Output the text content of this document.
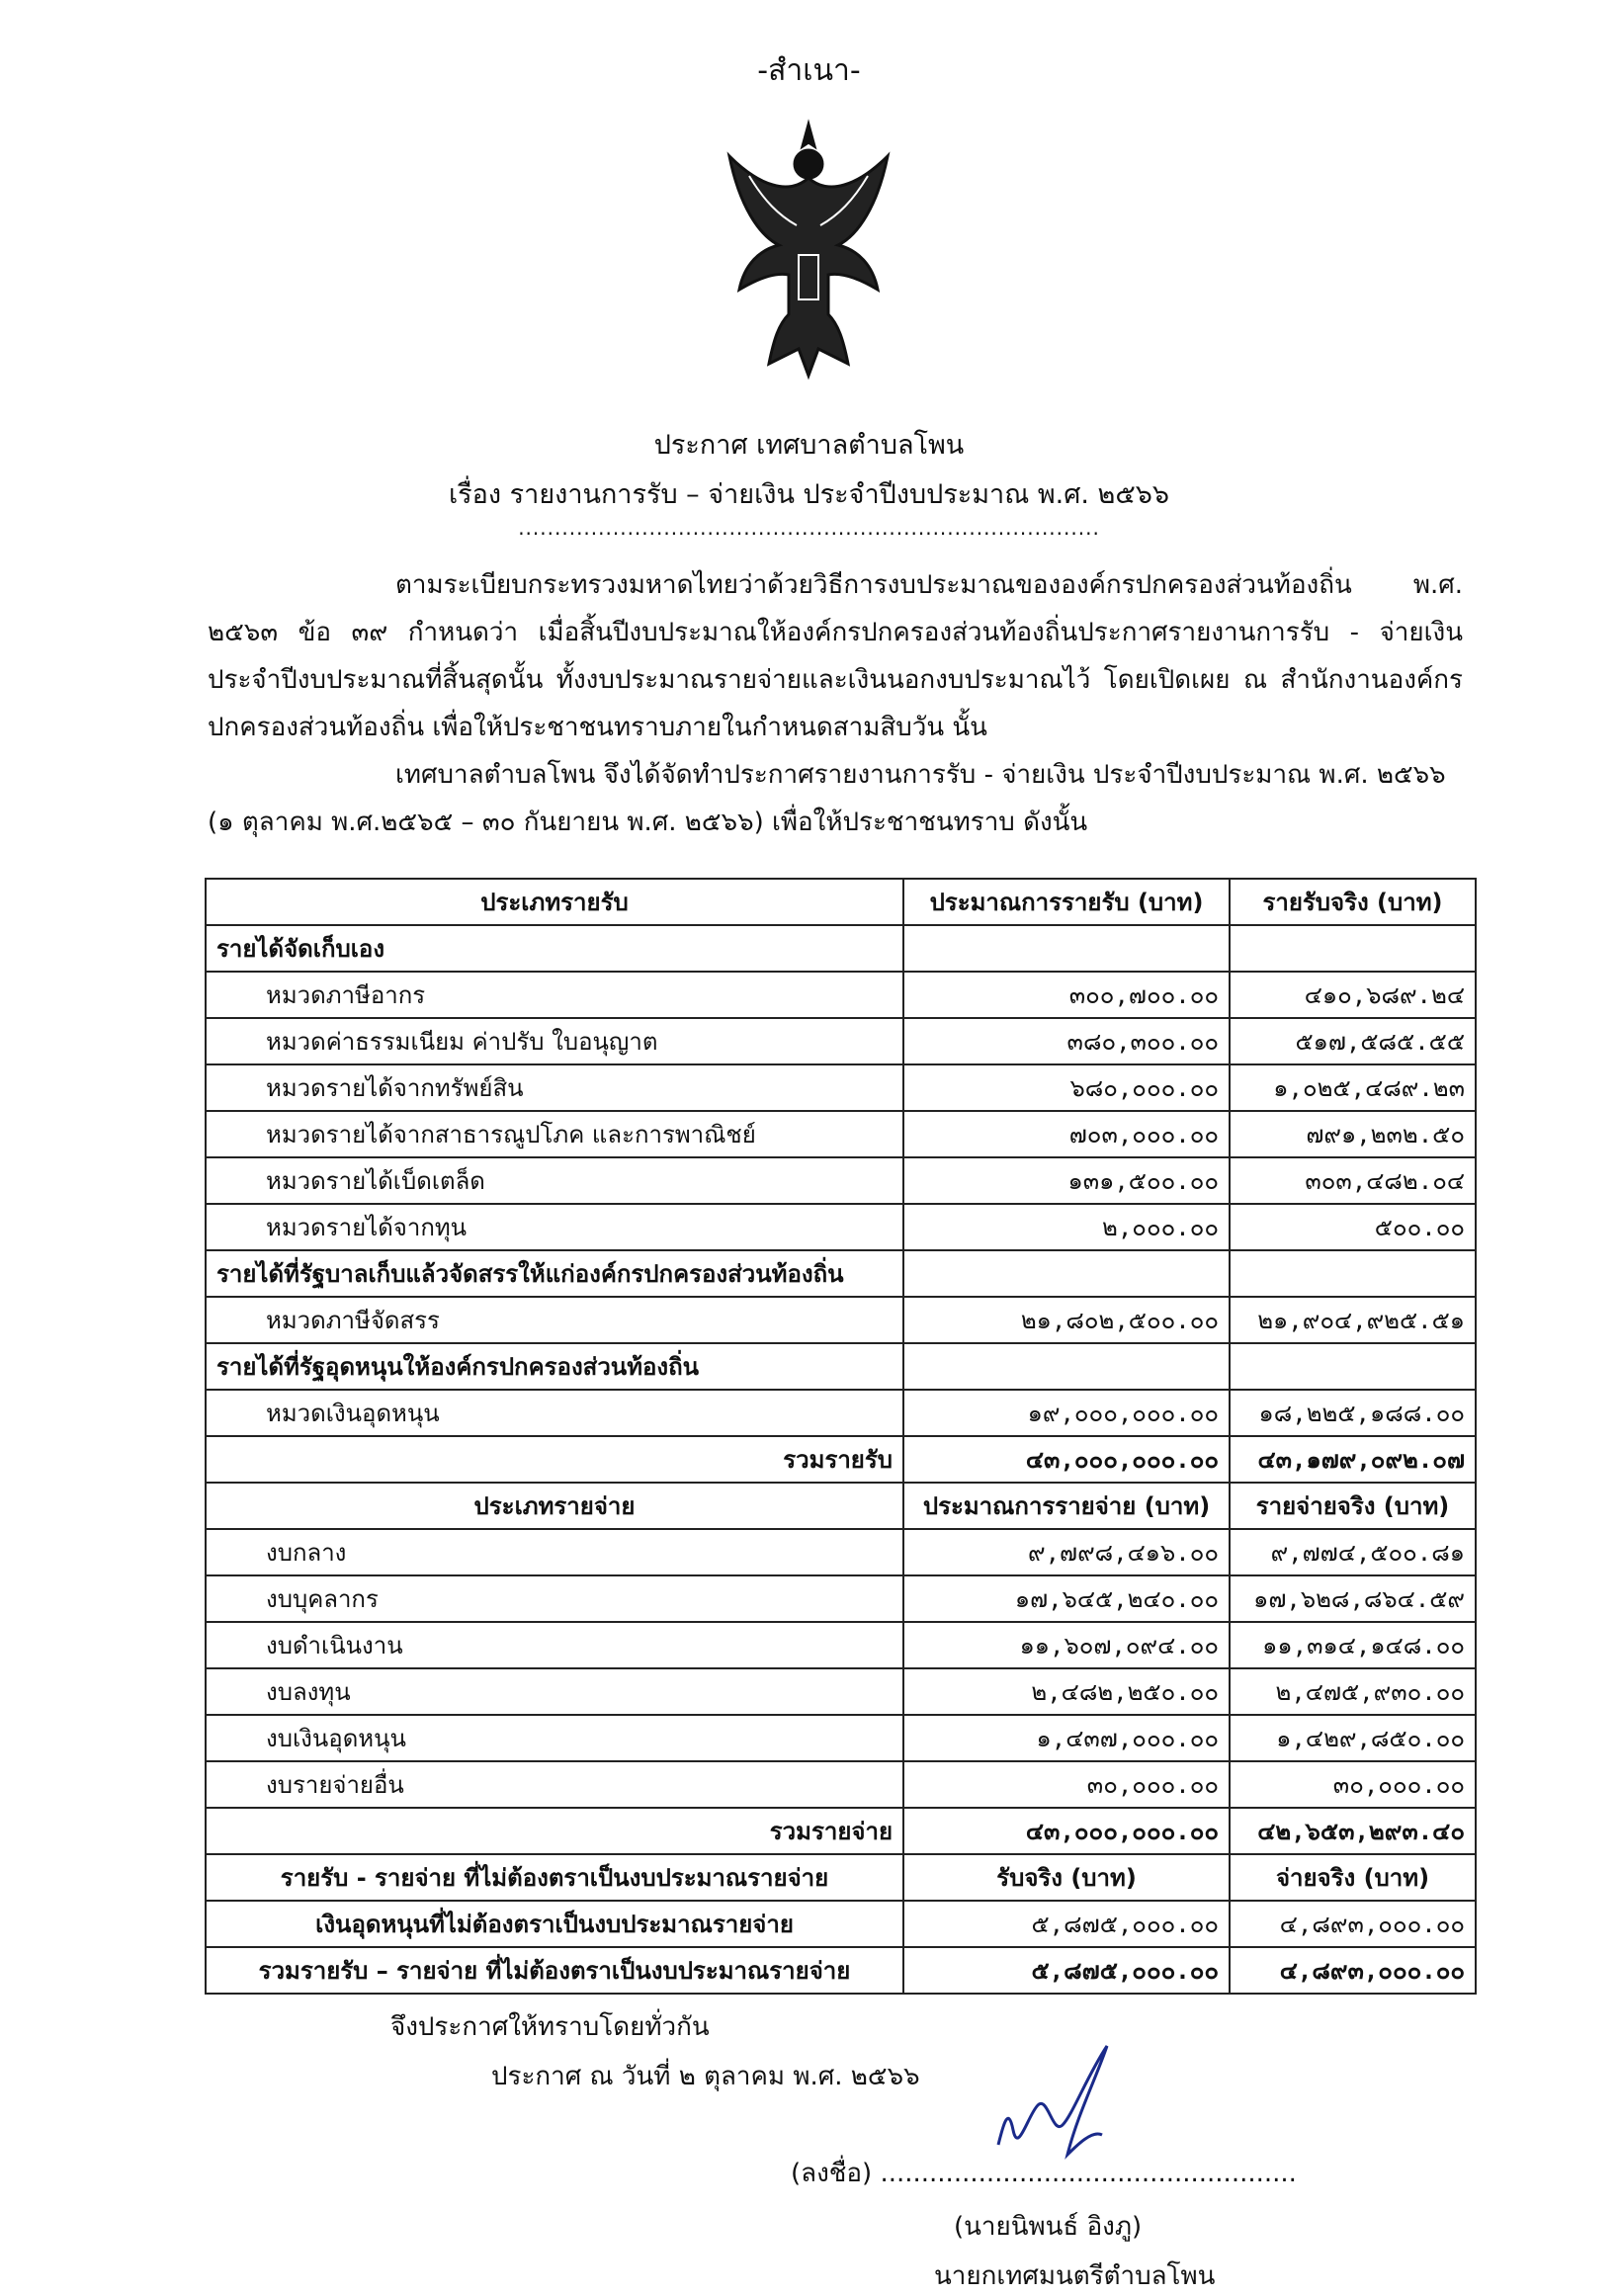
-สำเนา-
ประกาศ เทศบาลตำบลโพน
เรื่อง รายงานการรับ – จ่ายเงิน ประจำปีงบประมาณ พ.ศ. ๒๕๖๖
................................................................................
ตามระเบียบกระทรวงมหาดไทยว่าด้วยวิธีการงบประมาณขององค์กรปกครองส่วนท้องถิ่น พ.ศ. ๒๕๖๓ ข้อ ๓๙ กำหนดว่า เมื่อสิ้นปีงบประมาณให้องค์กรปกครองส่วนท้องถิ่นประกาศรายงานการรับ - จ่ายเงิน ประจำปีงบประมาณที่สิ้นสุดนั้น ทั้งงบประมาณรายจ่ายและเงินนอกงบประมาณไว้ โดยเปิดเผย ณ สำนักงานองค์กรปกครองส่วนท้องถิ่น เพื่อให้ประชาชนทราบภายในกำหนดสามสิบวัน นั้น
เทศบาลตำบลโพน จึงได้จัดทำประกาศรายงานการรับ - จ่ายเงิน ประจำปีงบประมาณ พ.ศ. ๒๕๖๖ (๑ ตุลาคม พ.ศ.๒๕๖๕ – ๓๐ กันยายน พ.ศ. ๒๕๖๖) เพื่อให้ประชาชนทราบ ดังนั้น
ประเภทรายรับ	ประมาณการรายรับ (บาท)	รายรับจริง (บาท)
รายได้จัดเก็บเอง		
หมวดภาษีอากร	๓๐๐,๗๐๐.๐๐	๔๑๐,๖๘๙.๒๔
หมวดค่าธรรมเนียม ค่าปรับ ใบอนุญาต	๓๘๐,๓๐๐.๐๐	๕๑๗,๕๘๕.๕๕
หมวดรายได้จากทรัพย์สิน	๖๘๐,๐๐๐.๐๐	๑,๐๒๕,๔๘๙.๒๓
หมวดรายได้จากสาธารณูปโภค และการพาณิชย์	๗๐๓,๐๐๐.๐๐	๗๙๑,๒๓๒.๕๐
หมวดรายได้เบ็ดเตล็ด	๑๓๑,๕๐๐.๐๐	๓๐๓,๔๘๒.๐๔
หมวดรายได้จากทุน	๒,๐๐๐.๐๐	๕๐๐.๐๐
รายได้ที่รัฐบาลเก็บแล้วจัดสรรให้แก่องค์กรปกครองส่วนท้องถิ่น		
หมวดภาษีจัดสรร	๒๑,๘๐๒,๕๐๐.๐๐	๒๑,๙๐๔,๙๒๕.๕๑
รายได้ที่รัฐอุดหนุนให้องค์กรปกครองส่วนท้องถิ่น		
หมวดเงินอุดหนุน	๑๙,๐๐๐,๐๐๐.๐๐	๑๘,๒๒๕,๑๘๘.๐๐
รวมรายรับ	๔๓,๐๐๐,๐๐๐.๐๐	๔๓,๑๗๙,๐๙๒.๐๗
ประเภทรายจ่าย	ประมาณการรายจ่าย (บาท)	รายจ่ายจริง (บาท)
งบกลาง	๙,๗๙๘,๔๑๖.๐๐	๙,๗๗๔,๕๐๐.๘๑
งบบุคลากร	๑๗,๖๔๕,๒๔๐.๐๐	๑๗,๖๒๘,๘๖๔.๕๙
งบดำเนินงาน	๑๑,๖๐๗,๐๙๔.๐๐	๑๑,๓๑๔,๑๔๘.๐๐
งบลงทุน	๒,๔๘๒,๒๕๐.๐๐	๒,๔๗๕,๙๓๐.๐๐
งบเงินอุดหนุน	๑,๔๓๗,๐๐๐.๐๐	๑,๔๒๙,๘๕๐.๐๐
งบรายจ่ายอื่น	๓๐,๐๐๐.๐๐	๓๐,๐๐๐.๐๐
รวมรายจ่าย	๔๓,๐๐๐,๐๐๐.๐๐	๔๒,๖๕๓,๒๙๓.๔๐
รายรับ - รายจ่าย ที่ไม่ต้องตราเป็นงบประมาณรายจ่าย	รับจริง (บาท)	จ่ายจริง (บาท)
เงินอุดหนุนที่ไม่ต้องตราเป็นงบประมาณรายจ่าย	๕,๘๗๕,๐๐๐.๐๐	๔,๘๙๓,๐๐๐.๐๐
รวมรายรับ – รายจ่าย ที่ไม่ต้องตราเป็นงบประมาณรายจ่าย	๕,๘๗๕,๐๐๐.๐๐	๔,๘๙๓,๐๐๐.๐๐
จึงประกาศให้ทราบโดยทั่วกัน
ประกาศ ณ วันที่ ๒ ตุลาคม พ.ศ. ๒๕๖๖
(ลงชื่อ) ...................................................
(นายนิพนธ์ อิงภู)
นายกเทศมนตรีตำบลโพน
